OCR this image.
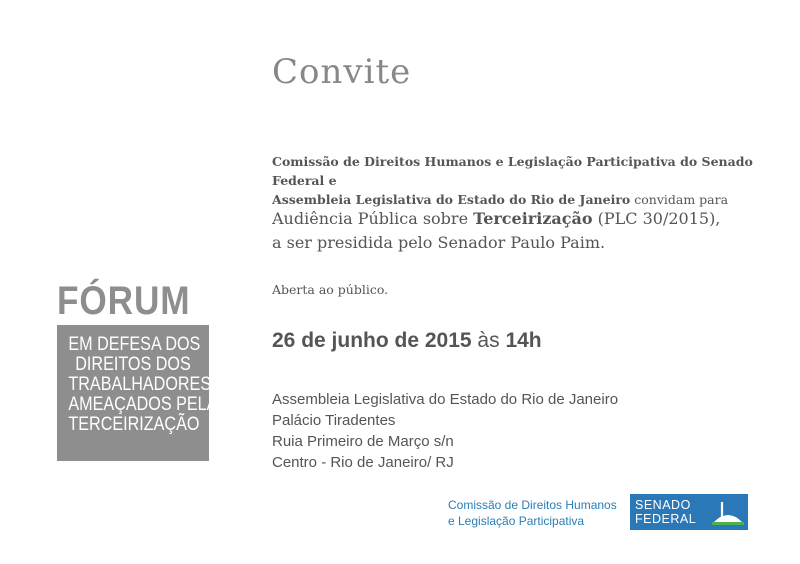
Convite
Comissão de Direitos Humanos e Legislação Participativa do Senado Federal e
Assembleia Legislativa do Estado do Rio de Janeiro convidam para
Audiência Pública sobre Terceirização (PLC 30/2015),
a ser presidida pelo Senador Paulo Paim.
Aberta ao público.
26 de junho de 2015 às 14h
Assembleia Legislativa do Estado do Rio de Janeiro
Palácio Tiradentes
Ruia Primeiro de Março s/n
Centro - Rio de Janeiro/ RJ
FÓRUM
EM DEFESA DOS
DIREITOS DOS
TRABALHADORES
AMEAÇADOS PELA
TERCEIRIZAÇÃO
Comissão de Direitos Humanos
e Legislação Participativa
SENADO
FEDERAL
